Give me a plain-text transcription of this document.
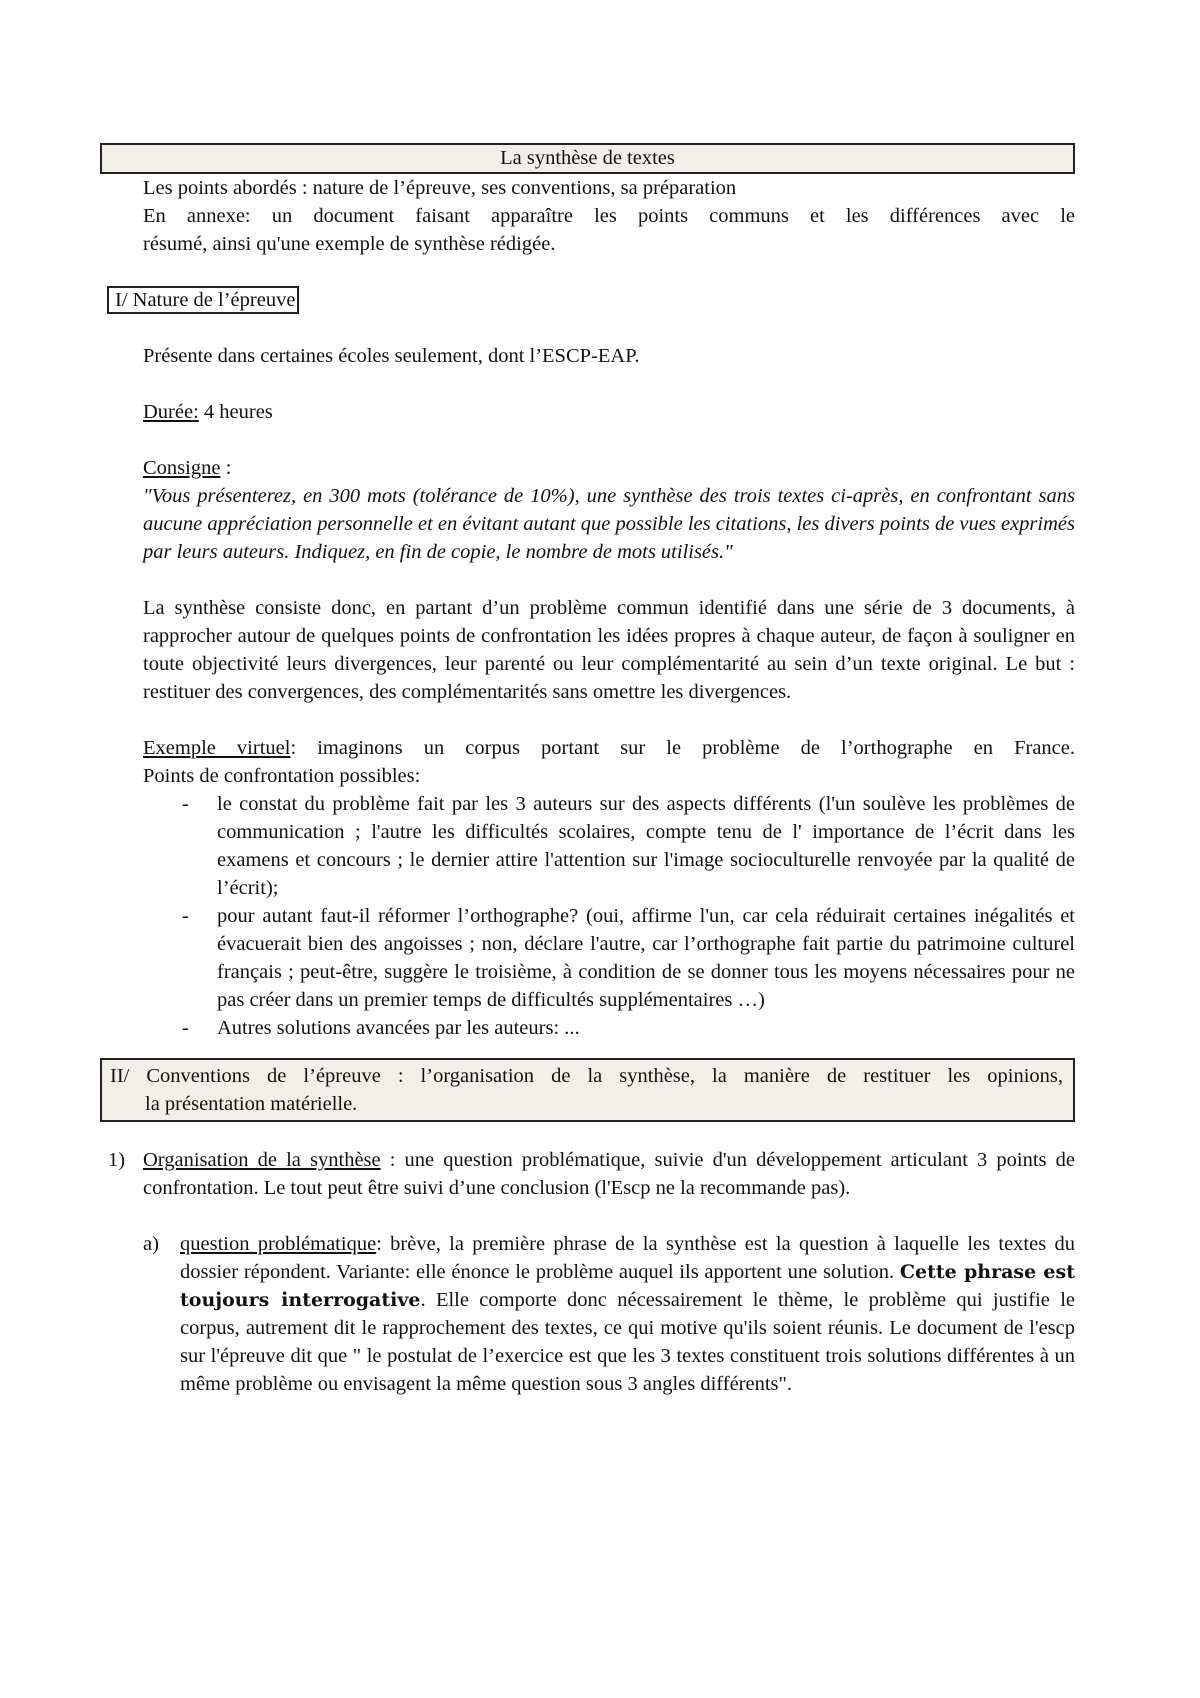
La synthèse de textes
Les points abordés : nature de l’épreuve, ses conventions, sa préparation
En annexe: un document faisant apparaître les points communs et les différences avec le
résumé, ainsi qu'une exemple de synthèse rédigée.
I/ Nature de l’épreuve
Présente dans certaines écoles seulement, dont l’ESCP-EAP.
Durée: 4 heures
Consigne :
"Vous présenterez, en 300 mots (tolérance de 10%), une synthèse des trois textes ci-après, en confrontant sans aucune appréciation personnelle et en évitant autant que possible les citations, les divers points de vues exprimés par leurs auteurs. Indiquez, en fin de copie, le nombre de mots utilisés."
La synthèse consiste donc, en partant d’un problème commun identifié dans une série de 3 documents, à rapprocher autour de quelques points de confrontation les idées propres à chaque auteur, de façon à souligner en toute objectivité leurs divergences, leur parenté ou leur complémentarité au sein d’un texte original. Le but : restituer des convergences, des complémentarités sans omettre les divergences.
Exemple virtuel: imaginons un corpus portant sur le problème de l’orthographe en France.
Points de confrontation possibles:
- le constat du problème fait par les 3 auteurs sur des aspects différents (l'un soulève les problèmes de communication ; l'autre les difficultés scolaires, compte tenu de l' importance de l’écrit dans les examens et concours ; le dernier attire l'attention sur l'image socioculturelle renvoyée par la qualité de l’écrit);
- pour autant faut-il réformer l’orthographe? (oui, affirme l'un, car cela réduirait certaines inégalités et évacuerait bien des angoisses ; non, déclare l'autre, car l’orthographe fait partie du patrimoine culturel français ; peut-être, suggère le troisième, à condition de se donner tous les moyens nécessaires pour ne pas créer dans un premier temps de difficultés supplémentaires …)
- Autres solutions avancées par les auteurs: ...
II/ Conventions de l’épreuve : l’organisation de la synthèse, la manière de restituer les opinions,
la présentation matérielle.
1) Organisation de la synthèse : une question problématique, suivie d'un développement articulant 3 points de confrontation. Le tout peut être suivi d’une conclusion (l'Escp ne la recommande pas).
a) question problématique: brève, la première phrase de la synthèse est la question à laquelle les textes du dossier répondent. Variante: elle énonce le problème auquel ils apportent une solution. Cette phrase est toujours interrogative. Elle comporte donc nécessairement le thème, le problème qui justifie le corpus, autrement dit le rapprochement des textes, ce qui motive qu'ils soient réunis. Le document de l'escp sur l'épreuve dit que " le postulat de l’exercice est que les 3 textes constituent trois solutions différentes à un même problème ou envisagent la même question sous 3 angles différents".
